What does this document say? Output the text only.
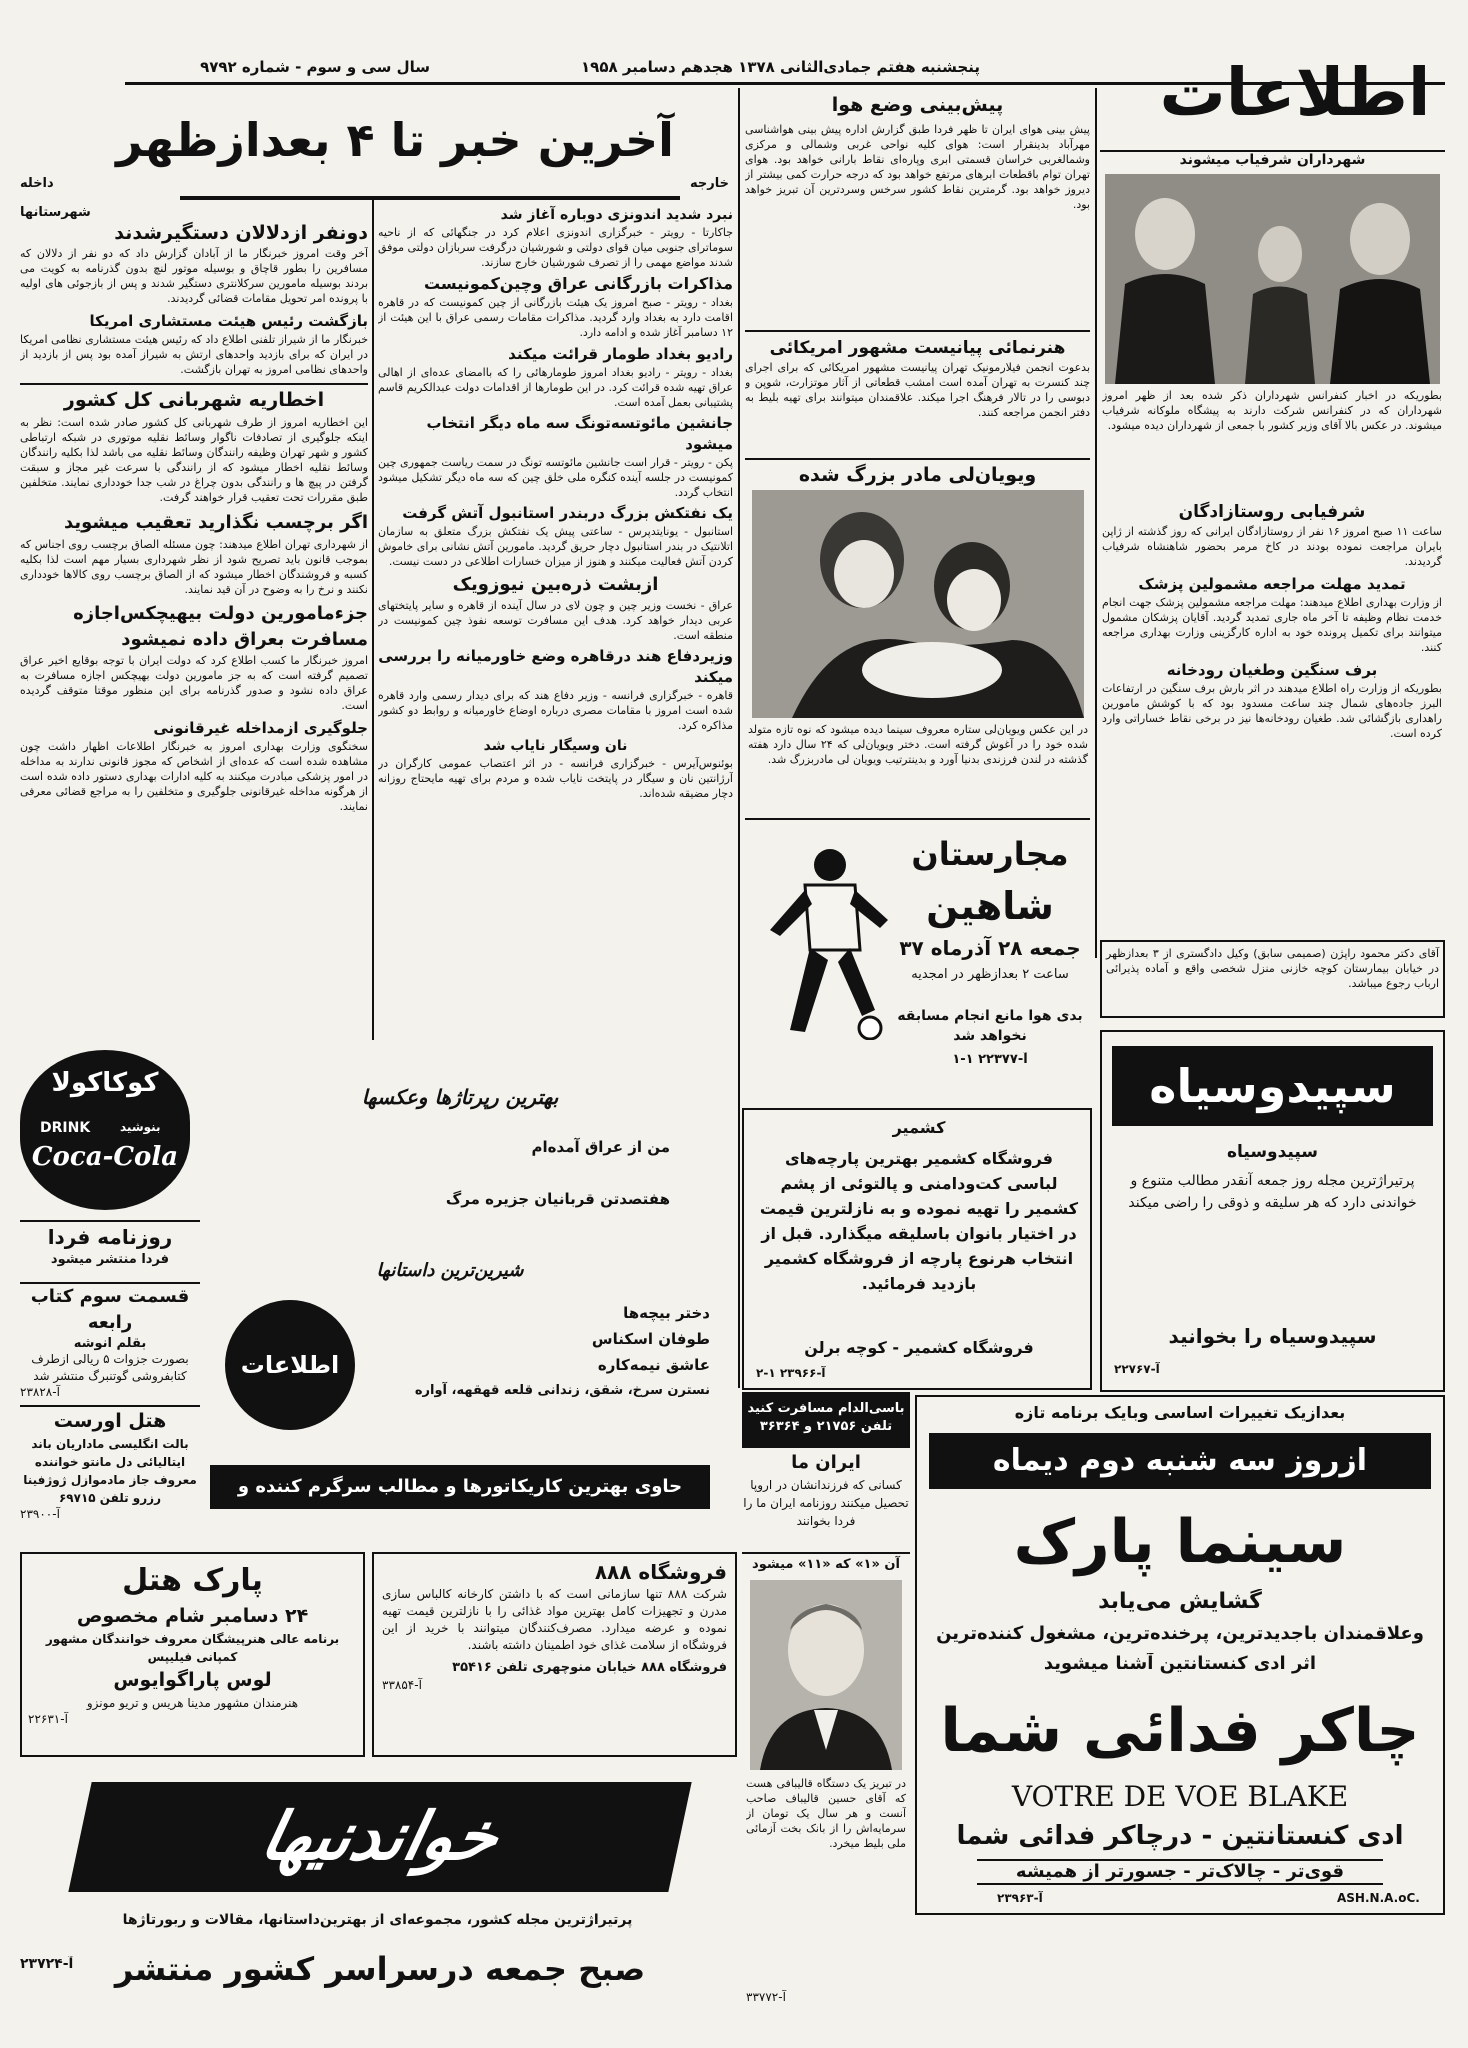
اطلاعات
پنجشنبه هفتم جمادی‌الثانی ۱۳۷۸ هجدهم دسامبر ۱۹۵۸
سال سی و سوم - شماره ۹۷۹۲
پیش‌بینی وضع هوا
پیش بینی هوای ایران تا ظهر فردا طبق گزارش اداره پیش بینی هواشناسی مهرآباد بدینقرار است: هوای کلیه نواحی غربی وشمالی و مرکزی وشمالغربی خراسان قسمتی ابری وپاره‌ای نقاط بارانی خواهد بود. هوای تهران توام باقطعات ابر‌های مرتفع خواهد بود که درجه حرارت کمی بیشتر از دیروز خواهد بود. گرمترین نقاط کشور سرخس وسردترین آن تبریز خواهد بود.
آخرین خبر تا ۴ بعدازظهر
داخله	خارجه
شهرستانها
دونفر ازدلالان دستگیرشدند
آخر وقت امروز خبرنگار ما از آبادان گزارش داد که دو نفر از دلالان که مسافرین را بطور قاچاق و بوسیله موتور لنچ بدون گذرنامه به کویت می بردند بوسیله مامورین سرکلانتری دستگیر شدند و پس از بازجوئی های اولیه با پرونده امر تحویل مقامات قضائی گردیدند.
بازگشت رئیس هیئت مستشاری امریکا
خبرنگار ما از شیراز تلفنی اطلاع داد که رئیس هیئت مستشاری نظامی امریکا در ایران که برای بازدید واحدهای ارتش به شیراز آمده بود پس از بازدید از واحدهای نظامی امروز به تهران بازگشت.
اخطاریه شهربانی کل کشور
این اخطاریه امروز از طرف شهربانی کل کشور صادر شده است: نظر به اینکه جلوگیری از تصادفات ناگوار وسائط نقلیه موتوری در شبکه ارتباطی کشور و شهر تهران وظیفه رانندگان وسائط نقلیه می باشد لذا بکلیه رانندگان وسائط نقلیه اخطار میشود که از رانندگی با سرعت غیر مجاز و سبقت گرفتن در پیچ ها و رانندگی بدون چراغ در شب جدا خودداری نمایند. متخلفین طبق مقررات تحت تعقیب قرار خواهند گرفت.
اگر برچسب نگذارید تعقیب میشوید
از شهرداری تهران اطلاع میدهند: چون مسئله الصاق برچسب روی اجناس که بموجب قانون باید تصریح شود از نظر شهرداری بسیار مهم است لذا بکلیه کسبه و فروشندگان اخطار میشود که از الصاق برچسب روی کالاها خودداری نکنند و نرخ را به وضوح در آن قید نمایند.
جزءمامورین دولت بیهیچکس‌اجازه‌ مسافرت بعراق داده نمیشود
امروز خبرنگار ما کسب اطلاع کرد که دولت ایران با توجه بوقایع اخیر عراق تصمیم گرفته است که به جز مامورین دولت بهیچکس اجازه مسافرت به عراق داده نشود و صدور گذرنامه برای این منظور موقتا متوقف گردیده است.
جلوگیری ازمداخله غیرقانونی
سخنگوی وزارت بهداری امروز به خبرنگار اطلاعات اظهار داشت چون مشاهده شده است که عده‌ای از اشخاص که مجوز قانونی ندارند به مداخله در امور پزشکی مبادرت میکنند به کلیه ادارات بهداری دستور داده شده است از هرگونه مداخله غیرقانونی جلوگیری و متخلفین را به مراجع قضائی معرفی نمایند.
نبرد شدید اندونزی دوباره آغاز شد
جاکارتا - رویتر - خبرگزاری اندونزی اعلام کرد در جنگهائی که از ناحیه سوماترای جنوبی میان قوای دولتی و شورشیان درگرفت سربازان دولتی موفق شدند مواضع مهمی را از تصرف شورشیان خارج سازند.
مذاکرات بازرگانی عراق وچین‌کمونیست
بغداد - رویتر - صبح امروز یک هیئت بازرگانی از چین کمونیست که در قاهره اقامت دارد به بغداد وارد گردید. مذاکرات مقامات رسمی عراق با این هیئت از ۱۲ دسامبر آغاز شده و ادامه دارد.
رادیو بغداد طومار قرائت میکند
بغداد - رویتر - رادیو بغداد امروز طومارهائی را که باامضای عده‌ای از اهالی عراق تهیه شده قرائت کرد. در این طومارها از اقدامات دولت عبدالکریم قاسم پشتیبانی بعمل آمده است.
جانشین مائوتسه‌تونگ سه ماه دیگر انتخاب میشود
پکن - رویتر - قرار است جانشین مائوتسه تونگ در سمت ریاست جمهوری چین کمونیست در جلسه آینده کنگره ملی خلق چین که سه ماه دیگر تشکیل میشود انتخاب گردد.
یک نفتکش بزرگ دربندر استانبول آتش گرفت
استانبول - یونایتدپرس - ساعتی پیش یک نفتکش بزرگ متعلق به سازمان اتلانتیک در بندر استانبول دچار حریق گردید. مامورین آتش نشانی برای خاموش کردن آتش فعالیت میکنند و هنوز از میزان خسارات اطلاعی در دست نیست.
ازبشت ذره‌بین نیوزویک
عراق - نخست وزیر چین و چون لای در سال آینده از قاهره و سایر پایتختهای عربی دیدار خواهد کرد. هدف این مسافرت توسعه نفوذ چین کمونیست در منطقه است.
وزیردفاع هند درقاهره وضع خاورمیانه را بررسی میکند
قاهره - خبرگزاری فرانسه - وزیر دفاع هند که برای دیدار رسمی وارد قاهره شده است امروز با مقامات مصری درباره اوضاع خاورمیانه و روابط دو کشور مذاکره کرد.
نان وسیگار نایاب شد
بوئنوس‌آیرس - خبرگزاری فرانسه - در اثر اعتصاب عمومی کارگران در آرژانتین نان و سیگار در پایتخت نایاب شده و مردم برای تهیه مایحتاج روزانه دچار مضیقه شده‌اند.
هنرنمائی پیانیست مشهور امریکائی
بدعوت انجمن فیلارمونیک تهران پیانیست مشهور امریکائی که برای اجرای چند کنسرت به تهران آمده است امشب قطعاتی از آثار موتزارت، شوپن و دبوسی را در تالار فرهنگ اجرا میکند. علاقمندان میتوانند برای تهیه بلیط به دفتر انجمن مراجعه کنند.
ویویان‌لی مادر بزرگ شده
در این عکس ویویان‌لی ستاره معروف سینما دیده میشود که نوه تازه متولد شده خود را در آغوش گرفته است. دختر ویویان‌لی که ۲۴ سال دارد هفته گذشته در لندن فرزندی بدنیا آورد و بدینترتیب ویویان لی مادربزرگ شد.
مجارستان
شاهین
جمعه ۲۸ آذرماه ۳۷
ساعت ۲ بعدازظهر در امجدیه
بدی هوا مانع انجام مسابقه نخواهد شد
۱-۱ آ-۲۲۳۷۷
شهرداران شرفیاب میشوند
بطوریکه در اخبار کنفرانس شهرداران ذکر شده بعد از ظهر امروز شهرداران که در کنفرانس شرکت دارند به پیشگاه ملوکانه شرفیاب میشوند. در عکس بالا آقای وزیر کشور با جمعی از شهرداران دیده میشود.
شرفیابی روستازادگان
ساعت ۱۱ صبح امروز ۱۶ نفر از روستازادگان ایرانی که روز گذشته از ژاپن بایران مراجعت نموده بودند در کاخ مرمر بحضور شاهنشاه شرفیاب گردیدند.
تمدید مهلت مراجعه مشمولین پزشک
از وزارت بهداری اطلاع میدهند: مهلت مراجعه مشمولین پزشک جهت انجام خدمت نظام وظیفه تا آخر ماه جاری تمدید گردید. آقایان پزشکان مشمول میتوانند برای تکمیل پرونده خود به اداره کارگزینی وزارت بهداری مراجعه کنند.
برف سنگین وطغیان رودخانه
بطوریکه از وزارت راه اطلاع میدهند در اثر بارش برف سنگین در ارتفاعات البرز جاده‌های شمال چند ساعت مسدود بود که با کوشش مامورین راهداری بازگشائی شد. طغیان رودخانه‌ها نیز در برخی نقاط خساراتی وارد کرده است.
آقای دکتر محمود راپژن (صمیمی سابق) وکیل دادگستری از ۳ بعدازظهر در خیابان بیمارستان کوچه خازنی منزل شخصی واقع و آماده پذیرائی ارباب رجوع میباشد.
سپیدوسیاه
سپیدوسیاه
پرتیراژترین مجله روز جمعه آنقدر مطالب متنوع و خواندنی دارد که هر سلیقه و ذوقی را راضی میکند
سپیدوسیاه را بخوانید
آ-۲۲۷۶۷
کشمیر
فروشگاه کشمیر بهترین پارچه‌های لباسی کت‌ودامنی و پالتوئی از پشم کشمیر را تهیه نموده و به نازلترین قیمت در اختیار بانوان باسلیقه میگذارد. قبل از انتخاب هرنوع پارچه از فروشگاه کشمیر بازدید فرمائید.
فروشگاه کشمیر - کوچه برلن
آ-۲۳۹۶۶ ۱-۲
بهترین رپرتاژها وعکسها
من از عراق آمده‌ام
هفتصدتن قربانیان جزیره مرگ
شیرین‌ترین داستانها
دختر بیچه‌ها
طوفان اسکناس
عاشق نیمه‌کاره
نسترن سرخ، شقق، زندانی قلعه قهقهه، آواره
اطلاعات
حاوی بهترین کاریکاتورها و مطالب سرگرم کننده و
کوکاکولا
DRINK	بنوشید
Coca-Cola
روزنامه فردا
فردا منتشر میشود
قسمت سوم کتاب رابعه
بقلم انوشه
بصورت جزوات ۵ ریالی ازطرف کتابفروشی گوتنبرگ منتشر شد
آ-۲۳۸۲۸
هتل اورست
بالت انگلیسی ماداریان باند ایتالیائی دل مانتو خواننده معروف جاز مادموازل ژوژفینا رزرو تلفن ۶۹۷۱۵
آ-۲۳۹۰۰
باسی‌الدام مسافرت کنید
تلفن ۲۱۷۵۶ و ۳۶۳۶۴
ایران ما
کسانی که فرزندانشان در اروپا تحصیل میکنند روزنامه ایران ما را فردا بخوانند
بعدازیک تغییرات اساسی وبایک برنامه تازه
ازروز سه شنبه دوم دیماه
سینما پارک
گشایش می‌یابد
وعلاقمندان باجدیدترین، پرخنده‌ترین، مشغول کننده‌ترین
اثر ادی کنستانتین آشنا میشوید
چاکر فدائی شما
VOTRE DE VOE BLAKE
ادی کنستانتین - درچاکر فدائی شما
قوی‌تر - چالاک‌تر - جسورتر از همیشه
آ-۲۳۹۶۳	ASH.N.A.oC.
آن «۱» که «۱۱» میشود
در تبریز یک دستگاه قالیبافی هست که آقای حسین قالیباف صاحب آنست و هر سال یک تومان از سرمایه‌اش را از بانک بخت آزمائی ملی بلیط میخرد.
آ-۳۳۷۷۲
فروشگاه ۸۸۸
شرکت ۸۸۸ تنها سازمانی است که با داشتن کارخانه کالباس سازی مدرن و تجهیزات کامل بهترین مواد غذائی را با نازلترین قیمت تهیه نموده و عرضه میدارد. مصرف‌کنندگان میتوانند با خرید از این فروشگاه از سلامت غذای خود اطمینان داشته باشند.
فروشگاه ۸۸۸ خیابان منوچهری تلفن ۳۵۴۱۶
آ-۳۳۸۵۴
پارک هتل
۲۴ دسامبر شام مخصوص
برنامه عالی هنرپیشگان معروف خوانندگان مشهور کمپانی فیلیپس
لوس پاراگوایوس
هنرمندان مشهور مدینا هریس و تریو مونزو
آ-۲۲۶۳۱
خواندنیها
پرتیراژترین مجله کشور، مجموعه‌ای از بهترین‌داستانها، مقالات و ربورتاژها
صبح جمعه درسراسر کشور منتشر
آ-۲۳۷۲۴
